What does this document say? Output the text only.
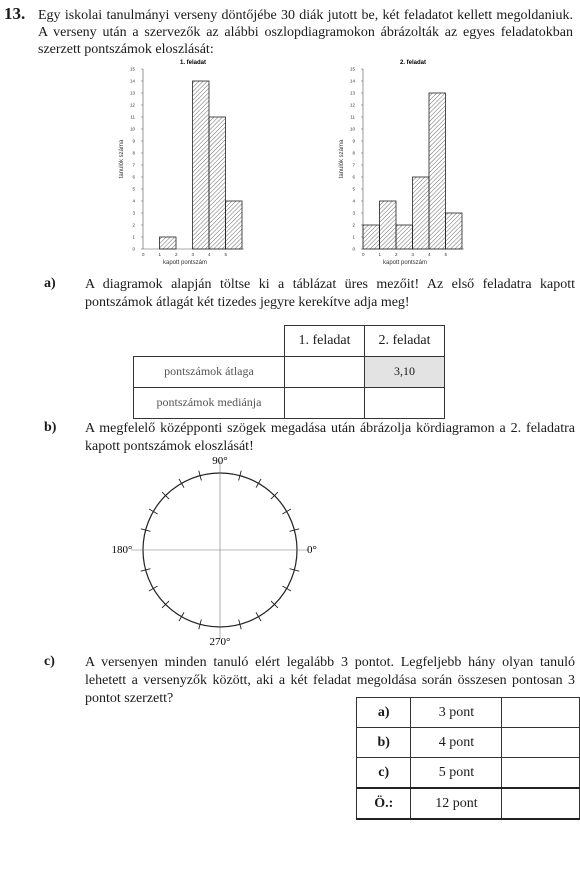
13. Egy iskolai tanulmányi verseny döntőjébe 30 diák jutott be, két feladatot kellett megoldaniuk. A verseny után a szervezők az alábbi oszlopdiagramokon ábrázolták az egyes feladatokban szerzett pontszámok eloszlását:
1. feladat
0
1
2
3
4
5
6
7
8
9
10
11
12
13
14
15
tanulók száma
0	1	2	3	4	5
kapott pontszám
2. feladat
0
1
2
3
4
5
6
7
8
9
10
11
12
13
14
15
tanulók száma
0	1	2	3	4	5
kapott pontszám
a) A diagramok alapján töltse ki a táblázat üres mezőit! Az első feladatra kapott pontszámok átlagát két tizedes jegyre kerekítve adja meg!
	1. feladat	2. feladat
pontszámok átlaga		3,10
pontszámok mediánja		
b) A megfelelő középponti szögek megadása után ábrázolja kördiagramon a 2. feladatra kapott pontszámok eloszlását!
90°
180°	0°
270°
c) A versenyen minden tanuló elért legalább 3 pontot. Legfeljebb hány olyan tanuló lehetett a versenyzők között, aki a két feladat megoldása során összesen pontosan 3 pontot szerzett?
a)	3 pont	
b)	4 pont	
c)	5 pont	
Ö.:	12 pont	
